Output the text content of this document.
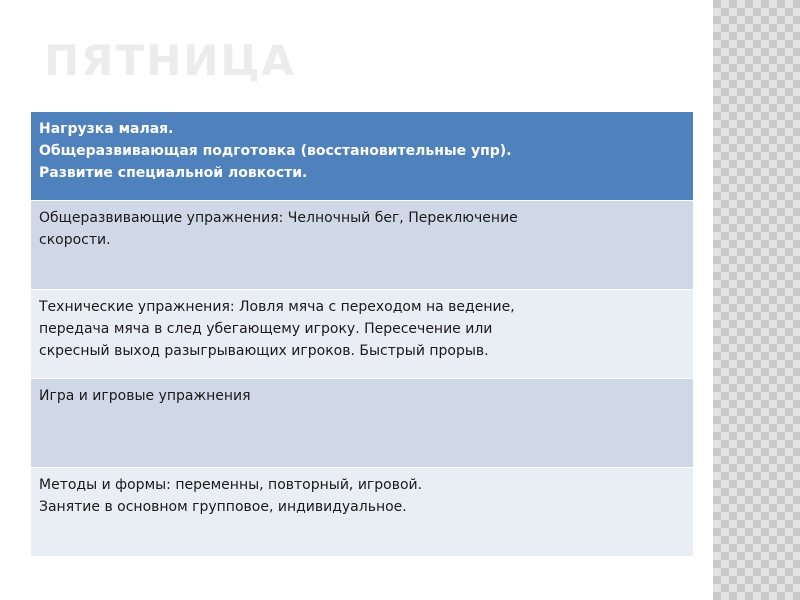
ПЯТНИЦА
Нагрузка малая.
Общеразвивающая подготовка (восстановительные упр).
Развитие специальной ловкости.

Общеразвивающие упражнения: Челночный бег, Переключение
скорости.

Технические упражнения: Ловля мяча с переходом на ведение,
передача мяча в след убегающему игроку. Пересечение или
скресный выход разыгрывающих игроков. Быстрый прорыв.

Игра и игровые упражнения

Методы и формы: переменны, повторный, игровой.
Занятие в основном групповое, индивидуальное.
